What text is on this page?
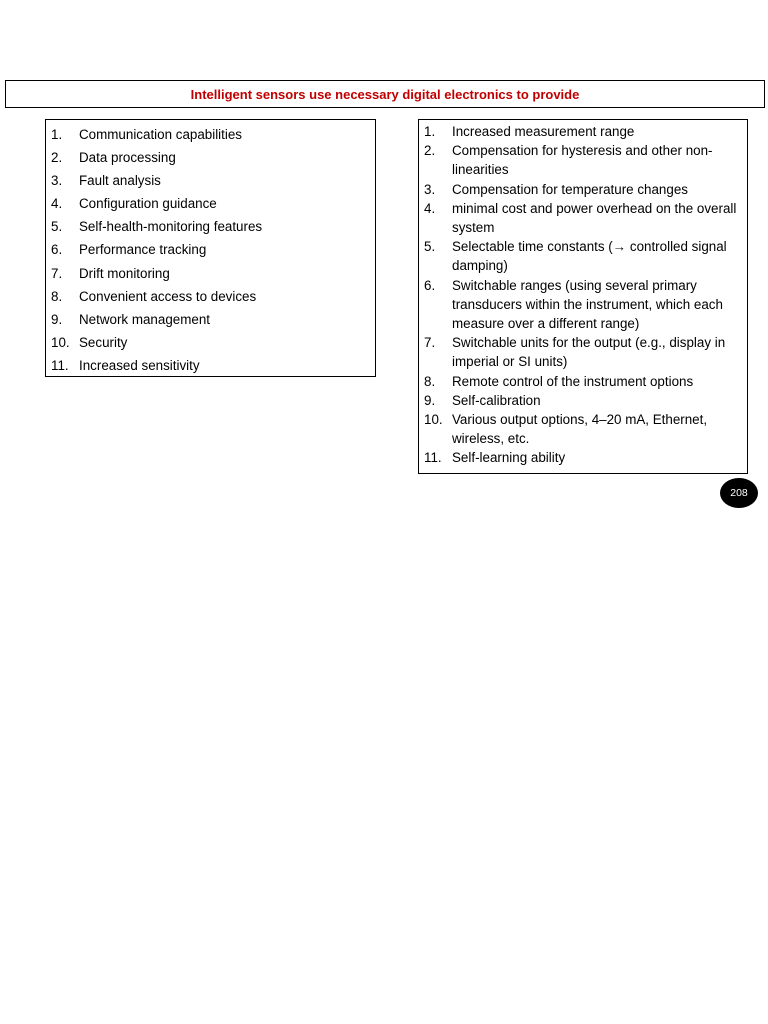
Intelligent sensors use necessary digital electronics to provide
1.	Communication capabilities
2.	Data processing
3.	Fault analysis
4.	Configuration guidance
5.	Self-health-monitoring features
6.	Performance tracking
7.	Drift monitoring
8.	Convenient access to devices
9.	Network management
10. Security
11. Increased sensitivity
1.	Increased measurement range
2.	Compensation for hysteresis and other non-linearities
3.	Compensation for temperature changes
4.	minimal cost and power overhead on the overall system
5.	Selectable time constants (→ controlled signal damping)
6.	Switchable ranges (using several primary transducers within the instrument, which each measure over a different range)
7.	Switchable units for the output (e.g., display in imperial or SI units)
8.	Remote control of the instrument options
9.	Self-calibration
10. Various output options, 4–20 mA, Ethernet, wireless, etc.
11. Self-learning ability
208
